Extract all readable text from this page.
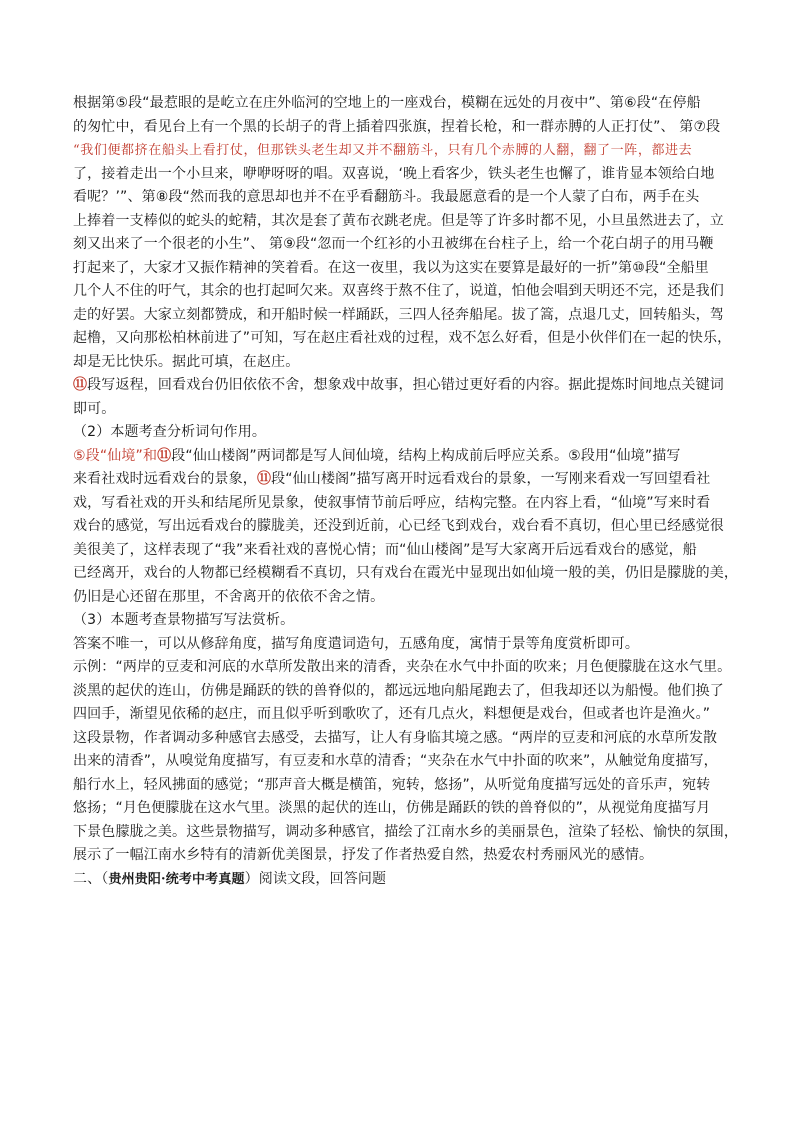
根据第⑤段“最惹眼的是屹立在庄外临河的空地上的一座戏台，模糊在远处的月夜中”、第⑥段“在停船
的匆忙中，看见台上有一个黑的长胡子的背上插着四张旗，捏着长枪，和一群赤膊的人正打仗”、 第⑦段
“我们便都挤在船头上看打仗，但那铁头老生却又并不翻筋斗，只有几个赤膊的人翻，翻了一阵，都进去
了，接着走出一个小旦来，咿咿呀呀的唱。双喜说，‘晚上看客少，铁头老生也懈了，谁肯显本领给白地
看呢？’”、第⑧段“然而我的意思却也并不在乎看翻筋斗。我最愿意看的是一个人蒙了白布，两手在头
上捧着一支棒似的蛇头的蛇精，其次是套了黄布衣跳老虎。但是等了许多时都不见，小旦虽然进去了，立
刻又出来了一个很老的小生”、 第⑨段“忽而一个红衫的小丑被绑在台柱子上，给一个花白胡子的用马鞭
打起来了，大家才又振作精神的笑着看。在这一夜里，我以为这实在要算是最好的一折”第⑩段“全船里
几个人不住的吁气，其余的也打起呵欠来。双喜终于熬不住了，说道，怕他会唱到天明还不完，还是我们
走的好罢。大家立刻都赞成，和开船时候一样踊跃，三四人径奔船尾。拔了篙，点退几丈，回转船头，驾
起橹，又向那松柏林前进了”可知，写在赵庄看社戏的过程，戏不怎么好看，但是小伙伴们在一起的快乐，
却是无比快乐。据此可填，在赵庄。
⑪段写返程，回看戏台仍旧依依不舍，想象戏中故事，担心错过更好看的内容。据此提炼时间地点关键词
即可。
（2）本题考查分析词句作用。
⑤段“仙境”和⑪段“仙山楼阁”两词都是写人间仙境，结构上构成前后呼应关系。⑤段用“仙境”描写
来看社戏时远看戏台的景象，⑪段“仙山楼阁”描写离开时远看戏台的景象，一写刚来看戏一写回望看社
戏，写看社戏的开头和结尾所见景象，使叙事情节前后呼应，结构完整。在内容上看，“仙境”写来时看
戏台的感觉，写出远看戏台的朦胧美，还没到近前，心已经飞到戏台，戏台看不真切，但心里已经感觉很
美很美了，这样表现了“我”来看社戏的喜悦心情；而“仙山楼阁”是写大家离开后远看戏台的感觉，船
已经离开，戏台的人物都已经模糊看不真切，只有戏台在霞光中显现出如仙境一般的美，仍旧是朦胧的美，
仍旧是心还留在那里，不舍离开的依依不舍之情。
（3）本题考查景物描写写法赏析。
答案不唯一，可以从修辞角度，描写角度遣词造句，五感角度，寓情于景等角度赏析即可。
示例：“两岸的豆麦和河底的水草所发散出来的清香，夹杂在水气中扑面的吹来；月色便朦胧在这水气里。
淡黑的起伏的连山，仿佛是踊跃的铁的兽脊似的，都远远地向船尾跑去了，但我却还以为船慢。他们换了
四回手，渐望见依稀的赵庄，而且似乎听到歌吹了，还有几点火，料想便是戏台，但或者也许是渔火。”
这段景物，作者调动多种感官去感受，去描写，让人有身临其境之感。“两岸的豆麦和河底的水草所发散
出来的清香”，从嗅觉角度描写，有豆麦和水草的清香；“夹杂在水气中扑面的吹来”，从触觉角度描写，
船行水上，轻风拂面的感觉；“那声音大概是横笛，宛转，悠扬”，从听觉角度描写远处的音乐声，宛转
悠扬；“月色便朦胧在这水气里。淡黑的起伏的连山，仿佛是踊跃的铁的兽脊似的”，从视觉角度描写月
下景色朦胧之美。这些景物描写，调动多种感官，描绘了江南水乡的美丽景色，渲染了轻松、愉快的氛围，
展示了一幅江南水乡特有的清新优美图景，抒发了作者热爱自然，热爱农村秀丽风光的感情。
二、（贵州贵阳·统考中考真题）阅读文段，回答问题
